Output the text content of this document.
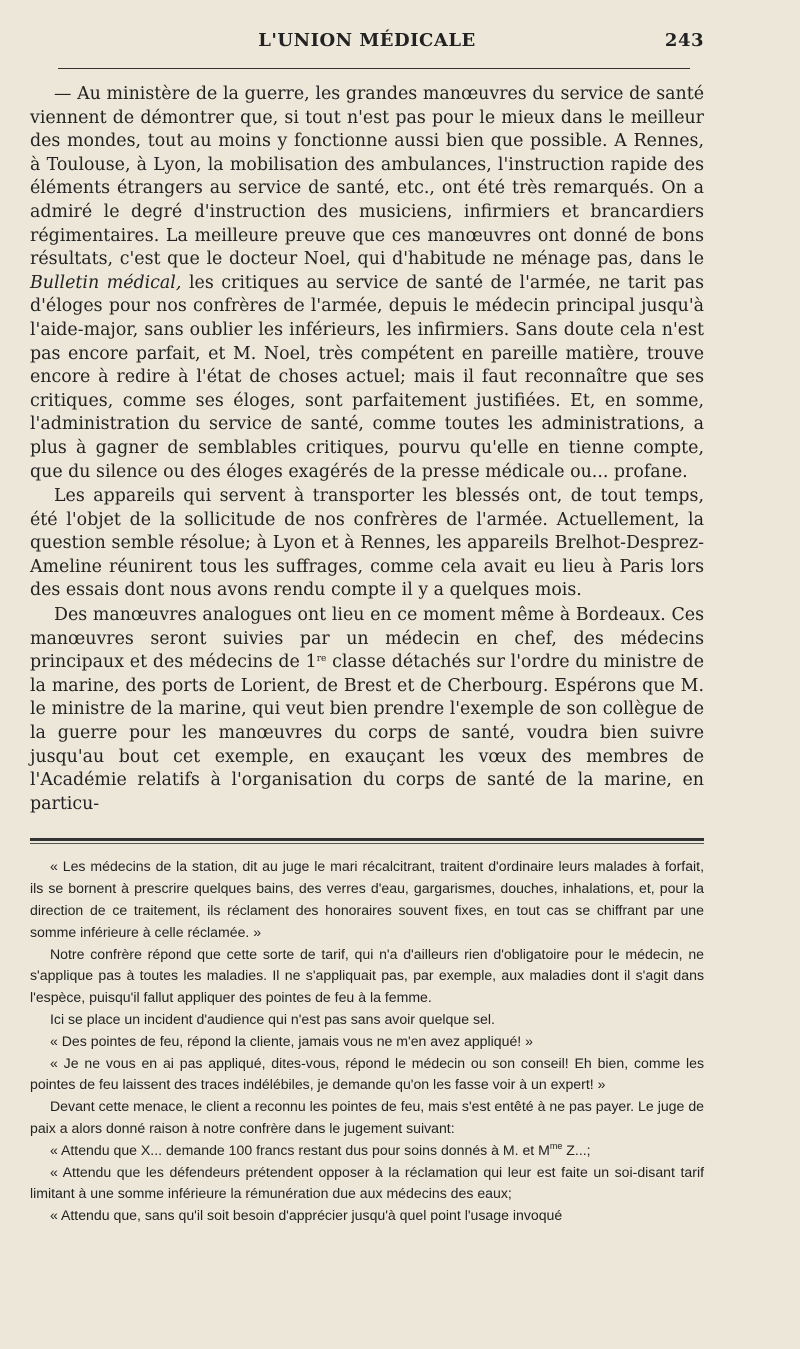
L'UNION MÉDICALE	243

— Au ministère de la guerre, les grandes manœuvres du service de santé viennent de démontrer que, si tout n'est pas pour le mieux dans le meilleur des mondes, tout au moins y fonctionne aussi bien que possible. A Rennes, à Toulouse, à Lyon, la mobilisation des ambulances, l'instruction rapide des éléments étrangers au service de santé, etc., ont été très remarqués. On a admiré le degré d'instruction des musiciens, infirmiers et brancardiers régimentaires. La meilleure preuve que ces manœuvres ont donné de bons résultats, c'est que le docteur Noel, qui d'habitude ne ménage pas, dans le Bulletin médical, les critiques au service de santé de l'armée, ne tarit pas d'éloges pour nos confrères de l'armée, depuis le médecin principal jusqu'à l'aide-major, sans oublier les inférieurs, les infirmiers. Sans doute cela n'est pas encore parfait, et M. Noel, très compétent en pareille matière, trouve encore à redire à l'état de choses actuel; mais il faut reconnaître que ses critiques, comme ses éloges, sont parfaitement justifiées. Et, en somme, l'administration du service de santé, comme toutes les administrations, a plus à gagner de semblables critiques, pourvu qu'elle en tienne compte, que du silence ou des éloges exagérés de la presse médicale ou... profane.

Les appareils qui servent à transporter les blessés ont, de tout temps, été l'objet de la sollicitude de nos confrères de l'armée. Actuellement, la question semble résolue; à Lyon et à Rennes, les appareils Brelhot-Desprez-Ameline réunirent tous les suffrages, comme cela avait eu lieu à Paris lors des essais dont nous avons rendu compte il y a quelques mois.

Des manœuvres analogues ont lieu en ce moment même à Bordeaux. Ces manœuvres seront suivies par un médecin en chef, des médecins principaux et des médecins de 1re classe détachés sur l'ordre du ministre de la marine, des ports de Lorient, de Brest et de Cherbourg. Espérons que M. le ministre de la marine, qui veut bien prendre l'exemple de son collègue de la guerre pour les manœuvres du corps de santé, voudra bien suivre jusqu'au bout cet exemple, en exauçant les vœux des membres de l'Académie relatifs à l'organisation du corps de santé de la marine, en particu-

« Les médecins de la station, dit au juge le mari récalcitrant, traitent d'ordinaire leurs malades à forfait, ils se bornent à prescrire quelques bains, des verres d'eau, gargarismes, douches, inhalations, et, pour la direction de ce traitement, ils réclament des honoraires souvent fixes, en tout cas se chiffrant par une somme inférieure à celle réclamée. »

Notre confrère répond que cette sorte de tarif, qui n'a d'ailleurs rien d'obligatoire pour le médecin, ne s'applique pas à toutes les maladies. Il ne s'appliquait pas, par exemple, aux maladies dont il s'agit dans l'espèce, puisqu'il fallut appliquer des pointes de feu à la femme.

Ici se place un incident d'audience qui n'est pas sans avoir quelque sel.

« Des pointes de feu, répond la cliente, jamais vous ne m'en avez appliqué! »

« Je ne vous en ai pas appliqué, dites-vous, répond le médecin ou son conseil! Eh bien, comme les pointes de feu laissent des traces indélébiles, je demande qu'on les fasse voir à un expert! »

Devant cette menace, le client a reconnu les pointes de feu, mais s'est entêté à ne pas payer. Le juge de paix a alors donné raison à notre confrère dans le jugement suivant:

« Attendu que X... demande 100 francs restant dus pour soins donnés à M. et $M^{me}$ Z...;

« Attendu que les défendeurs prétendent opposer à la réclamation qui leur est faite un soi-disant tarif limitant à une somme inférieure la rémunération due aux médecins des eaux;

« Attendu que, sans qu'il soit besoin d'apprécier jusqu'à quel point l'usage invoqué
